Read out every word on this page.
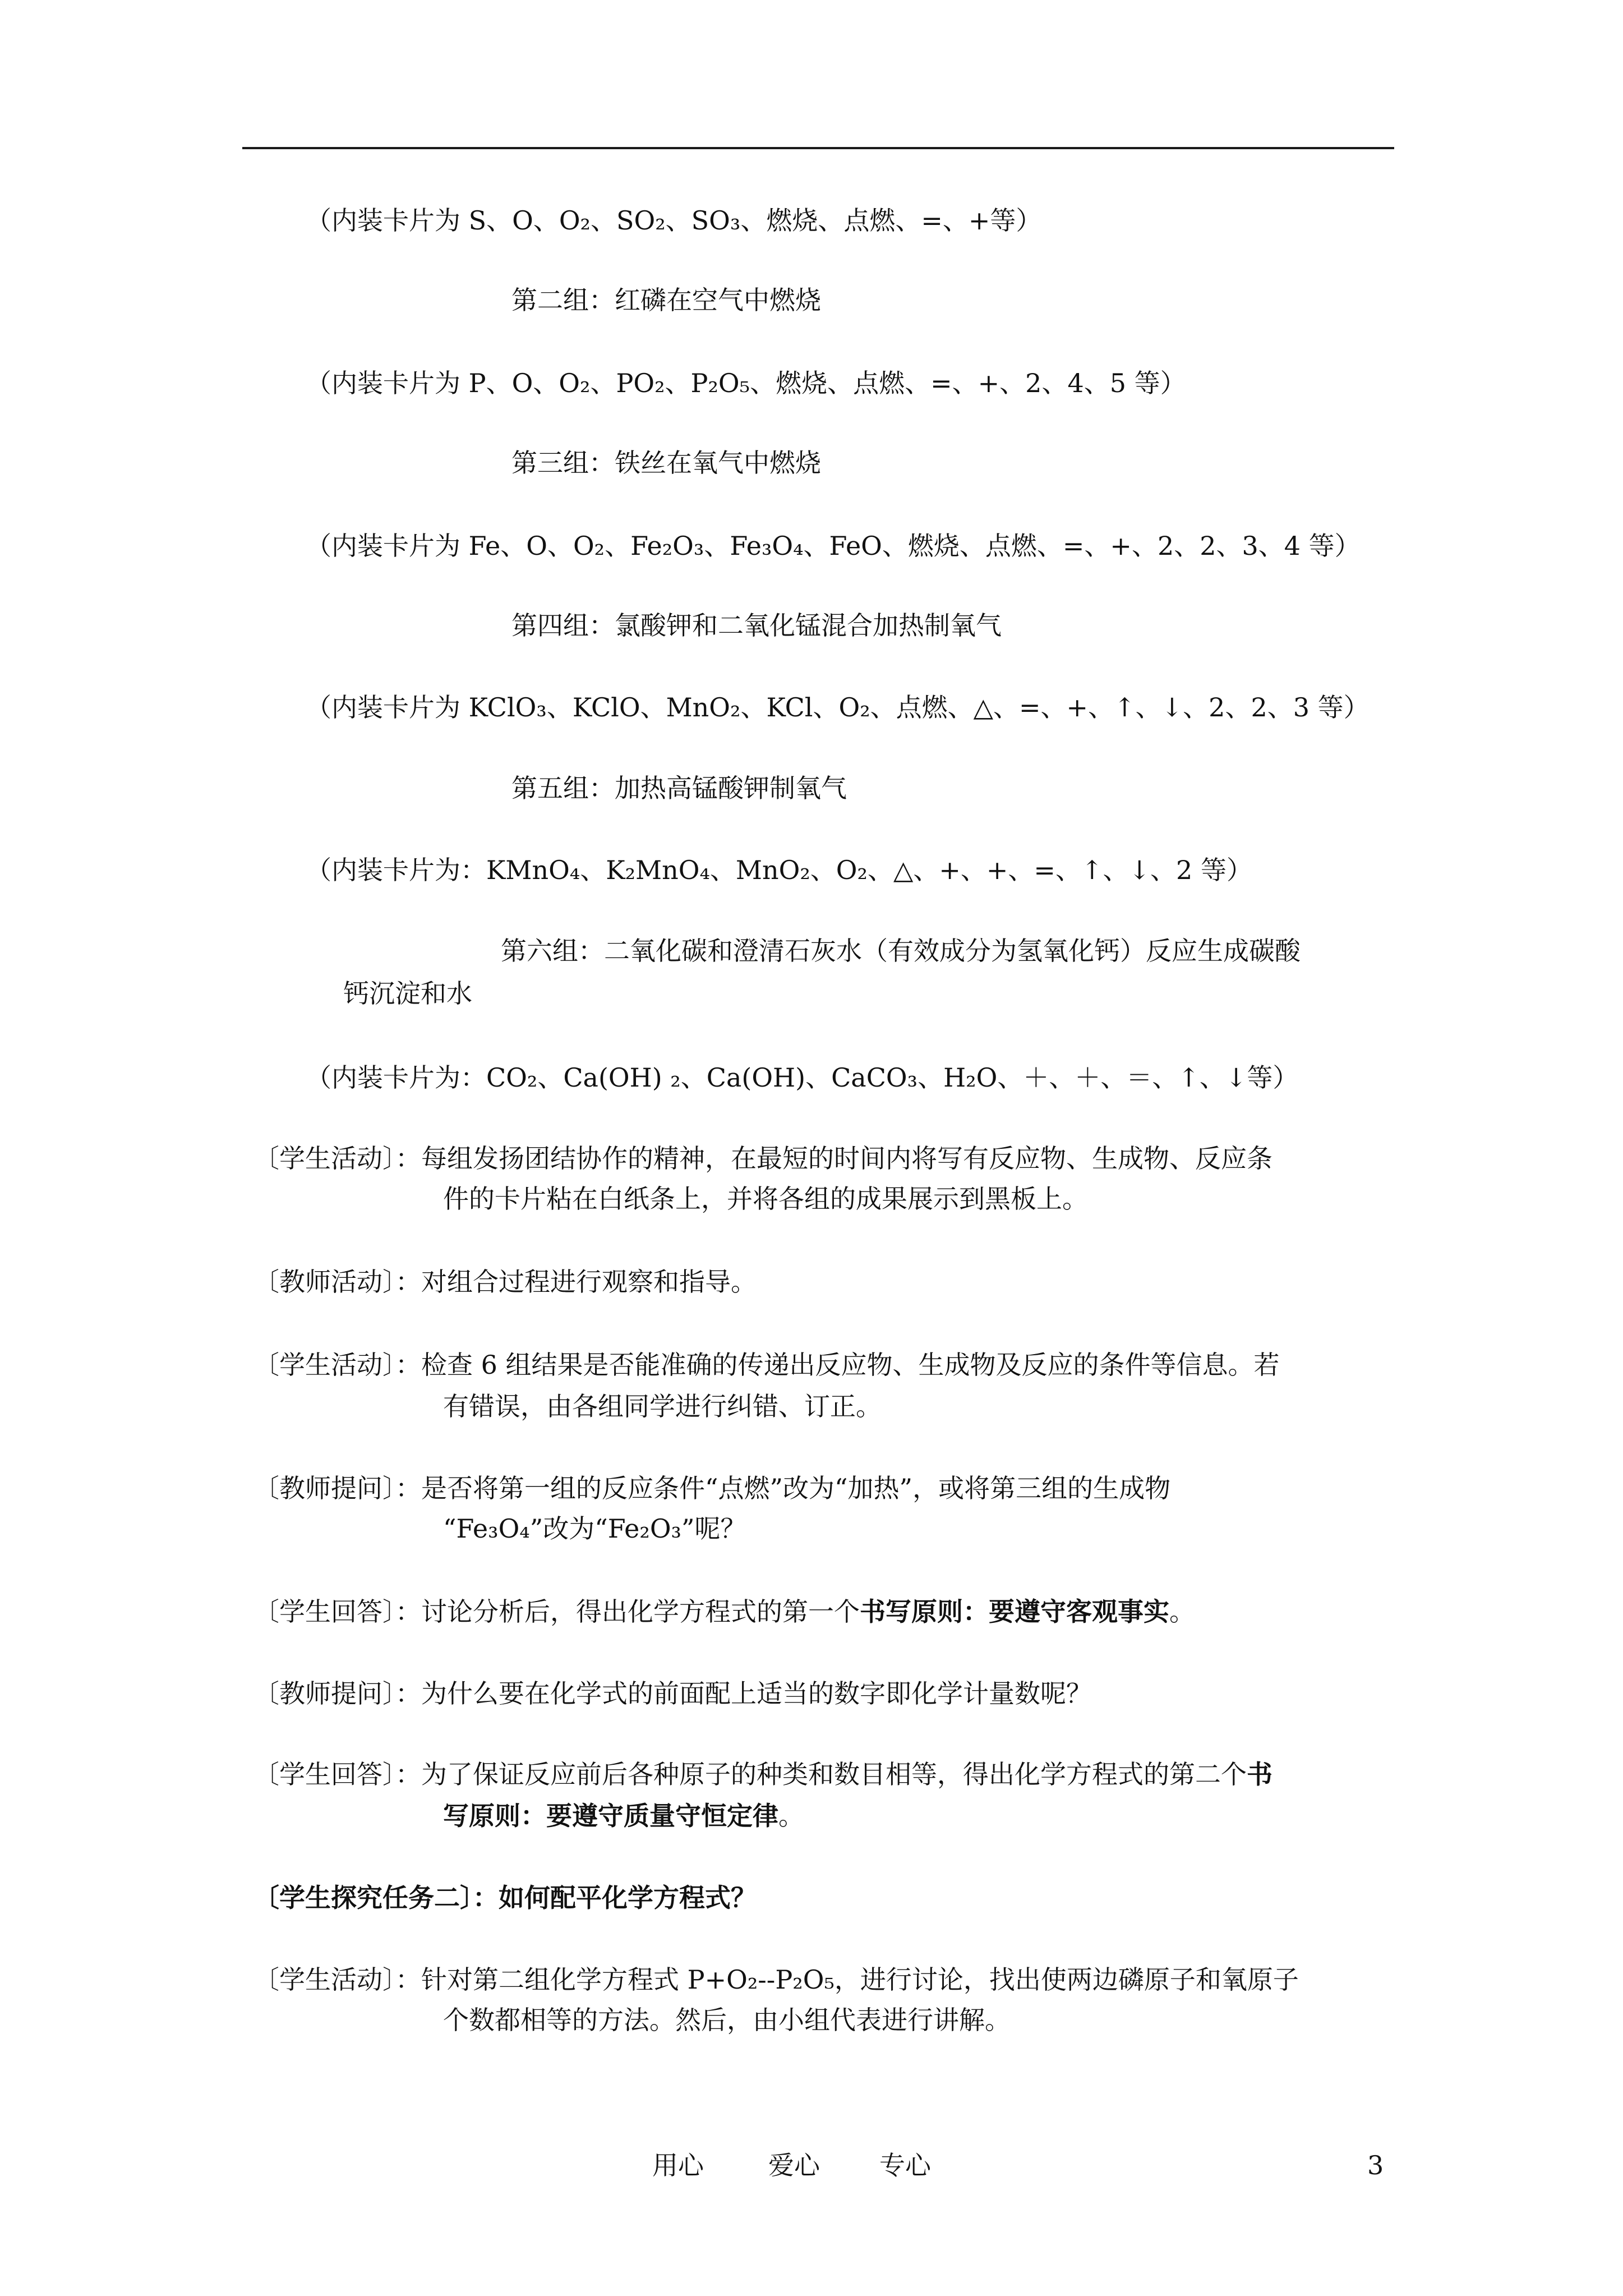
（内装卡片为 S、O、O₂、SO₂、SO₃、燃烧、点燃、=、+等）
第二组：红磷在空气中燃烧
（内装卡片为 P、O、O₂、PO₂、P₂O₅、燃烧、点燃、=、+、2、4、5 等）
第三组：铁丝在氧气中燃烧
（内装卡片为 Fe、O、O₂、Fe₂O₃、Fe₃O₄、FeO、燃烧、点燃、=、+、2、2、3、4 等）
第四组：氯酸钾和二氧化锰混合加热制氧气
（内装卡片为 KClO₃、KClO、MnO₂、KCl、O₂、点燃、△、=、+、↑、↓、2、2、3 等）
第五组：加热高锰酸钾制氧气
（内装卡片为：KMnO₄、K₂MnO₄、MnO₂、O₂、△、+、+、=、↑、↓、2 等）
第六组：二氧化碳和澄清石灰水（有效成分为氢氧化钙）反应生成碳酸
钙沉淀和水
（内装卡片为：CO₂、Ca(OH) ₂、Ca(OH)、CaCO₃、H₂O、＋、＋、＝、↑、↓等）
〔学生活动〕：每组发扬团结协作的精神，在最短的时间内将写有反应物、生成物、反应条
件的卡片粘在白纸条上，并将各组的成果展示到黑板上。
〔教师活动〕：对组合过程进行观察和指导。
〔学生活动〕：检查 6 组结果是否能准确的传递出反应物、生成物及反应的条件等信息。若
有错误，由各组同学进行纠错、订正。
〔教师提问〕：是否将第一组的反应条件“点燃”改为“加热”，或将第三组的生成物
“Fe₃O₄”改为“Fe₂O₃”呢？
〔学生回答〕：讨论分析后，得出化学方程式的第一个书写原则：要遵守客观事实。
〔教师提问〕：为什么要在化学式的前面配上适当的数字即化学计量数呢？
〔学生回答〕：为了保证反应前后各种原子的种类和数目相等，得出化学方程式的第二个书
写原则：要遵守质量守恒定律。
〔学生探究任务二〕：如何配平化学方程式？
〔学生活动〕：针对第二组化学方程式 P+O₂--P₂O₅，进行讨论，找出使两边磷原子和氧原子
个数都相等的方法。然后，由小组代表进行讲解。
用心	爱心 专心	3
